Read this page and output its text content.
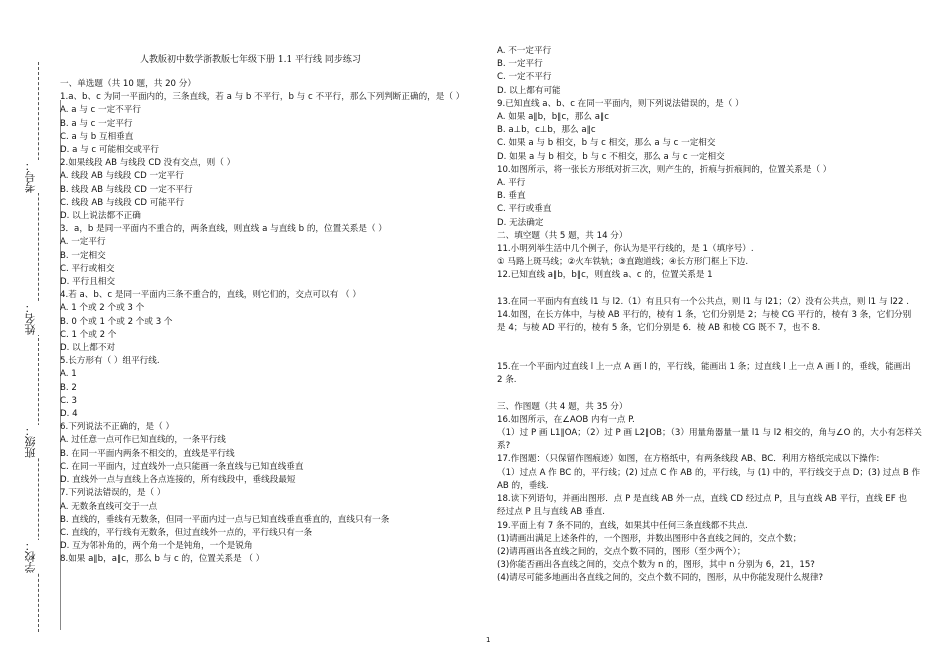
考号：
姓名：
班级：
学校：
人教版初中数学浙教版七年级下册 1.1 平行线 同步练习
一、单选题（共 10 题，共 20 分）
1.a、b、c 为同一平面内的，三条直线，若 a 与 b 不平行，b 与 c 不平行，那么下列判断正确的，是（ ）
A. a 与 c 一定不平行
B. a 与 c 一定平行
C. a 与 b 互相垂直
D. a 与 c 可能相交或平行
2.如果线段 AB 与线段 CD 没有交点，则（ ）
A. 线段 AB 与线段 CD 一定平行
B. 线段 AB 与线段 CD 一定不平行
C. 线段 AB 与线段 CD 可能平行
D. 以上说法都不正确
3．a，b 是同一平面内不重合的，两条直线，则直线 a 与直线 b 的，位置关系是（ ）
A. 一定平行
B. 一定相交
C. 平行或相交
D. 平行且相交
4.若 a、b、c 是同一平面内三条不重合的，直线，则它们的，交点可以有 （ ）
A. 1 个或 2 个或 3 个
B. 0 个或 1 个或 2 个或 3 个
C. 1 个或 2 个
D. 以上都不对
5.长方形有（ ）组平行线.
A. 1
B. 2
C. 3
D. 4
6.下列说法不正确的，是（ ）
A. 过任意一点可作已知直线的，一条平行线
B. 在同一平面内两条不相交的，直线是平行线
C. 在同一平面内，过直线外一点只能画一条直线与已知直线垂直
D. 直线外一点与直线上各点连接的，所有线段中，垂线段最短
7.下列说法错误的，是（ ）
A. 无数条直线可交于一点
B. 直线的，垂线有无数条，但同一平面内过一点与已知直线垂直垂直的，直线只有一条
C. 直线的，平行线有无数条，但过直线外一点的，平行线只有一条
D. 互为邻补角的，两个角一个是钝角，一个是锐角
8.如果 a∥b，a∥c，那么 b 与 c 的，位置关系是 （ ）
A. 不一定平行
B. 一定平行
C. 一定不平行
D. 以上都有可能
9.已知直线 a、b、c 在同一平面内，则下列说法错误的，是（ ）
A. 如果 a∥b，b∥c，那么 a∥c
B. a⊥b，c⊥b，那么 a∥c
C. 如果 a 与 b 相交，b 与 c 相交，那么 a 与 c 一定相交
D. 如果 a 与 b 相交，b 与 c 不相交，那么 a 与 c 一定相交
10.如图所示，将一张长方形纸对折三次，则产生的，折痕与折痕间的，位置关系是（ ）
A. 平行
B. 垂直
C. 平行或垂直
D. 无法确定
二、填空题（共 5 题，共 14 分）
11.小明列举生活中几个例子，你认为是平行线的，是 1（填序号）.
① 马路上斑马线；②火车铁轨；③直跑道线；④长方形门框上下边.
12.已知直线 a∥b，b∥c，则直线 a、c 的，位置关系是 1
13.在同一平面内有直线 l1 与 l2.（1）有且只有一个公共点，则 l1 与 l21；（2）没有公共点，则 l1 与 l22 .
14.如图，在长方体中，与棱 AB 平行的，棱有 1 条，它们分别是 2；与棱 CG 平行的，棱有 3 条，它们分别
是 4；与棱 AD 平行的，棱有 5 条，它们分别是 6．棱 AB 和棱 CG 既不 7，也不 8.
15.在一个平面内过直线 l 上一点 A 画 l 的，平行线，能画出 1 条；过直线 l 上一点 A 画 l 的，垂线，能画出
2 条.
三、作图题（共 4 题，共 35 分）
16.如图所示，在∠AOB 内有一点 P.
（1）过 P 画 L1∥OA；（2）过 P 画 L2∥OB；（3）用量角器量一量 l1 与 l2 相交的，角与∠O 的，大小有怎样关
系?
17.作图题：（只保留作图痕迹）如图，在方格纸中，有两条线段 AB、BC．利用方格纸完成以下操作:
（1）过点 A 作 BC 的，平行线；(2) 过点 C 作 AB 的，平行线，与 (1) 中的，平行线交于点 D；(3) 过点 B 作
AB 的，垂线.
18.读下列语句，并画出图形．点 P 是直线 AB 外一点，直线 CD 经过点 P，且与直线 AB 平行，直线 EF 也
经过点 P 且与直线 AB 垂直.
19.平面上有 7 条不同的，直线，如果其中任何三条直线都不共点.
(1)请画出满足上述条件的，一个图形，并数出图形中各直线之间的，交点个数；
(2)请再画出各直线之间的，交点个数不同的，图形（至少两个）；
(3)你能否画出各直线之间的，交点个数为 n 的，图形，其中 n 分别为 6，21，15?
(4)请尽可能多地画出各直线之间的，交点个数不同的，图形，从中你能发现什么规律?
1
